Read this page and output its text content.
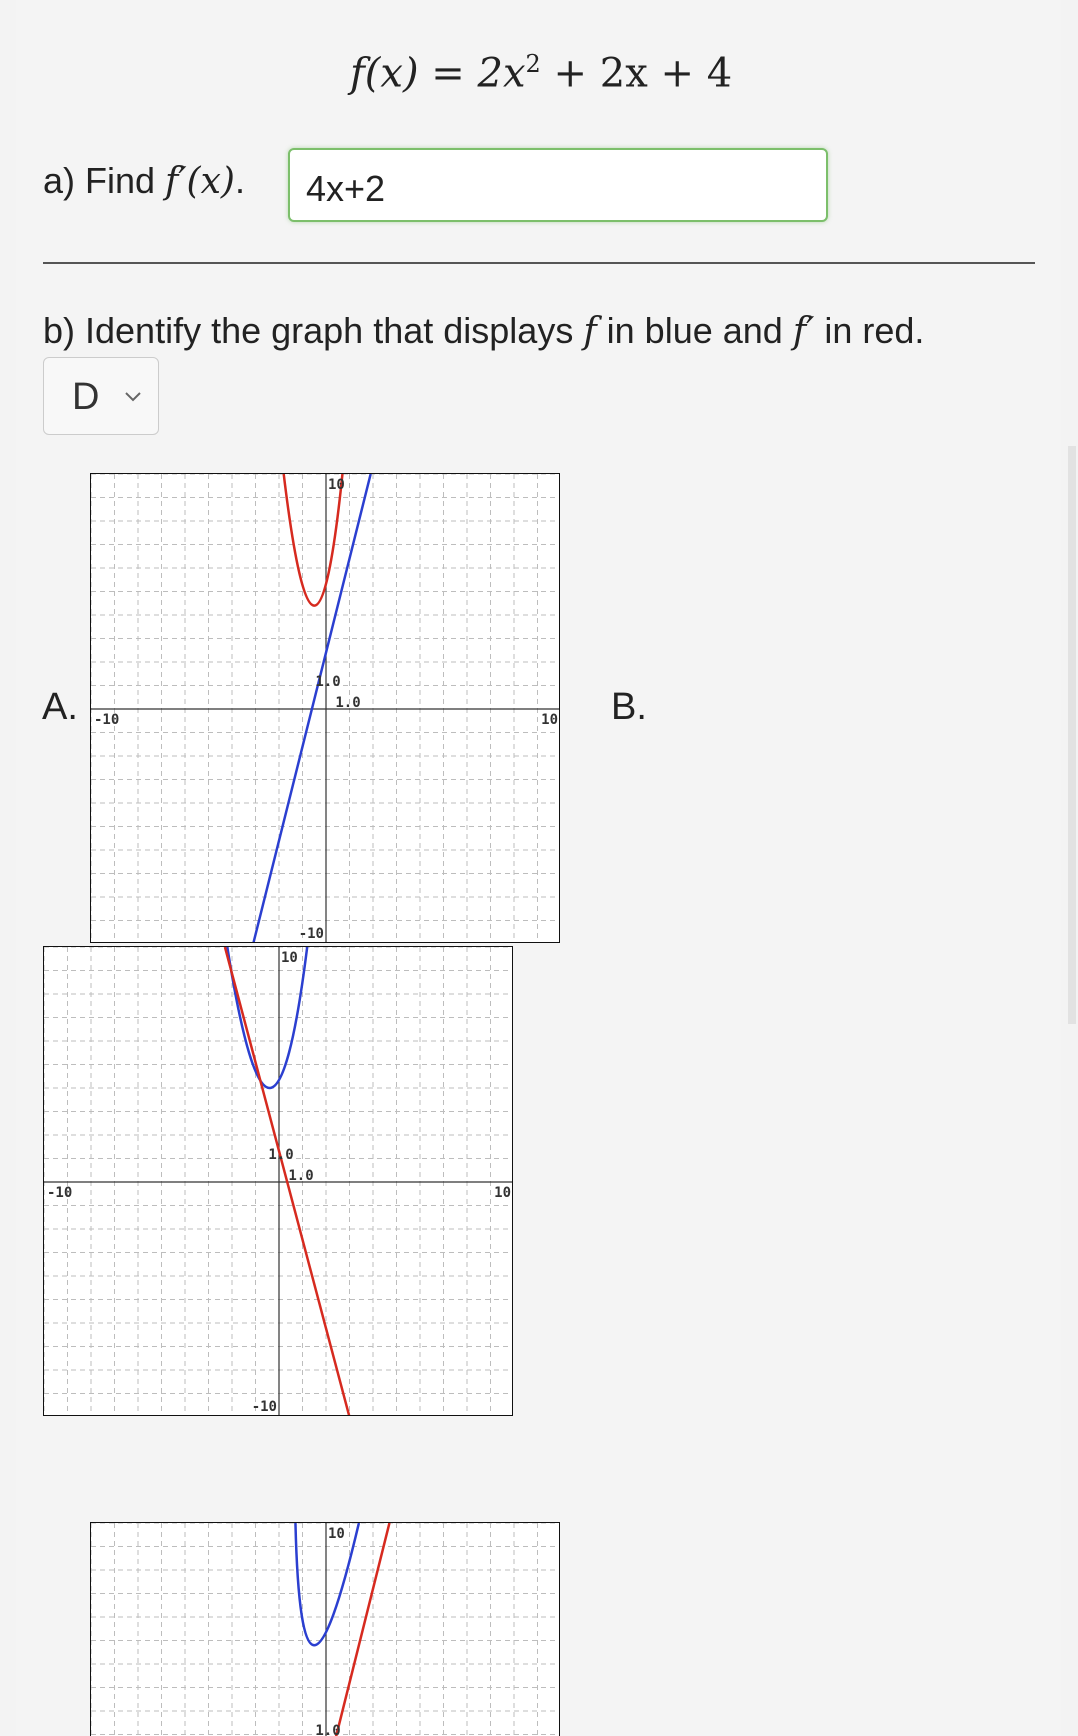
$f(x) = 2x^2 + 2x + 4$
a) Find f′(x).	4x+2
b) Identify the graph that displays f in blue and f′ in red.
D
A.	B.
-10	10
10
-10
1.0
1.0
-10	10
10
-10
1.0
1.0
10
1.0
